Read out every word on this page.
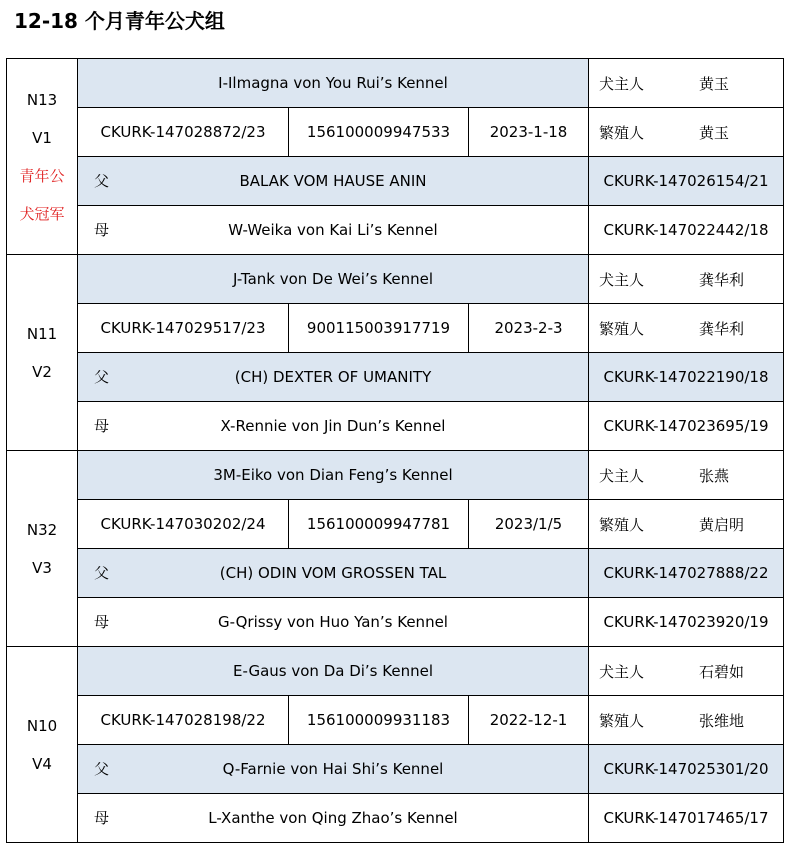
12-18 个月青年公犬组
N13
V1
青年公
犬冠军	I-Ilmagna von You Rui’s Kennel			犬主人 黄玉
	CKURK-147028872/23	156100009947533	2023-1-18	繁殖人 黄玉

	父 BALAK VOM HAUSE ANIN			CKURK-147026154/21

	母 W-Weika von Kai Li’s Kennel			CKURK-147022442/18

N11
V2	J-Tank von De Wei’s Kennel			犬主人 龚华利
	CKURK-147029517/23	900115003917719	2023-2-3	繁殖人 龚华利

	父 (CH) DEXTER OF UMANITY			CKURK-147022190/18

	母 X-Rennie von Jin Dun’s Kennel			CKURK-147023695/19

N32
V3	3M-Eiko von Dian Feng’s Kennel			犬主人 张燕
	CKURK-147030202/24	156100009947781	2023/1/5	繁殖人 黄启明

	父 (CH) ODIN VOM GROSSEN TAL			CKURK-147027888/22

	母 G-Qrissy von Huo Yan’s Kennel			CKURK-147023920/19

N10
V4	E-Gaus von Da Di’s Kennel			犬主人 石碧如
	CKURK-147028198/22	156100009931183	2022-12-1	繁殖人 张维地

	父 Q-Farnie von Hai Shi’s Kennel			CKURK-147025301/20

	母 L-Xanthe von Qing Zhao’s Kennel			CKURK-147017465/17
